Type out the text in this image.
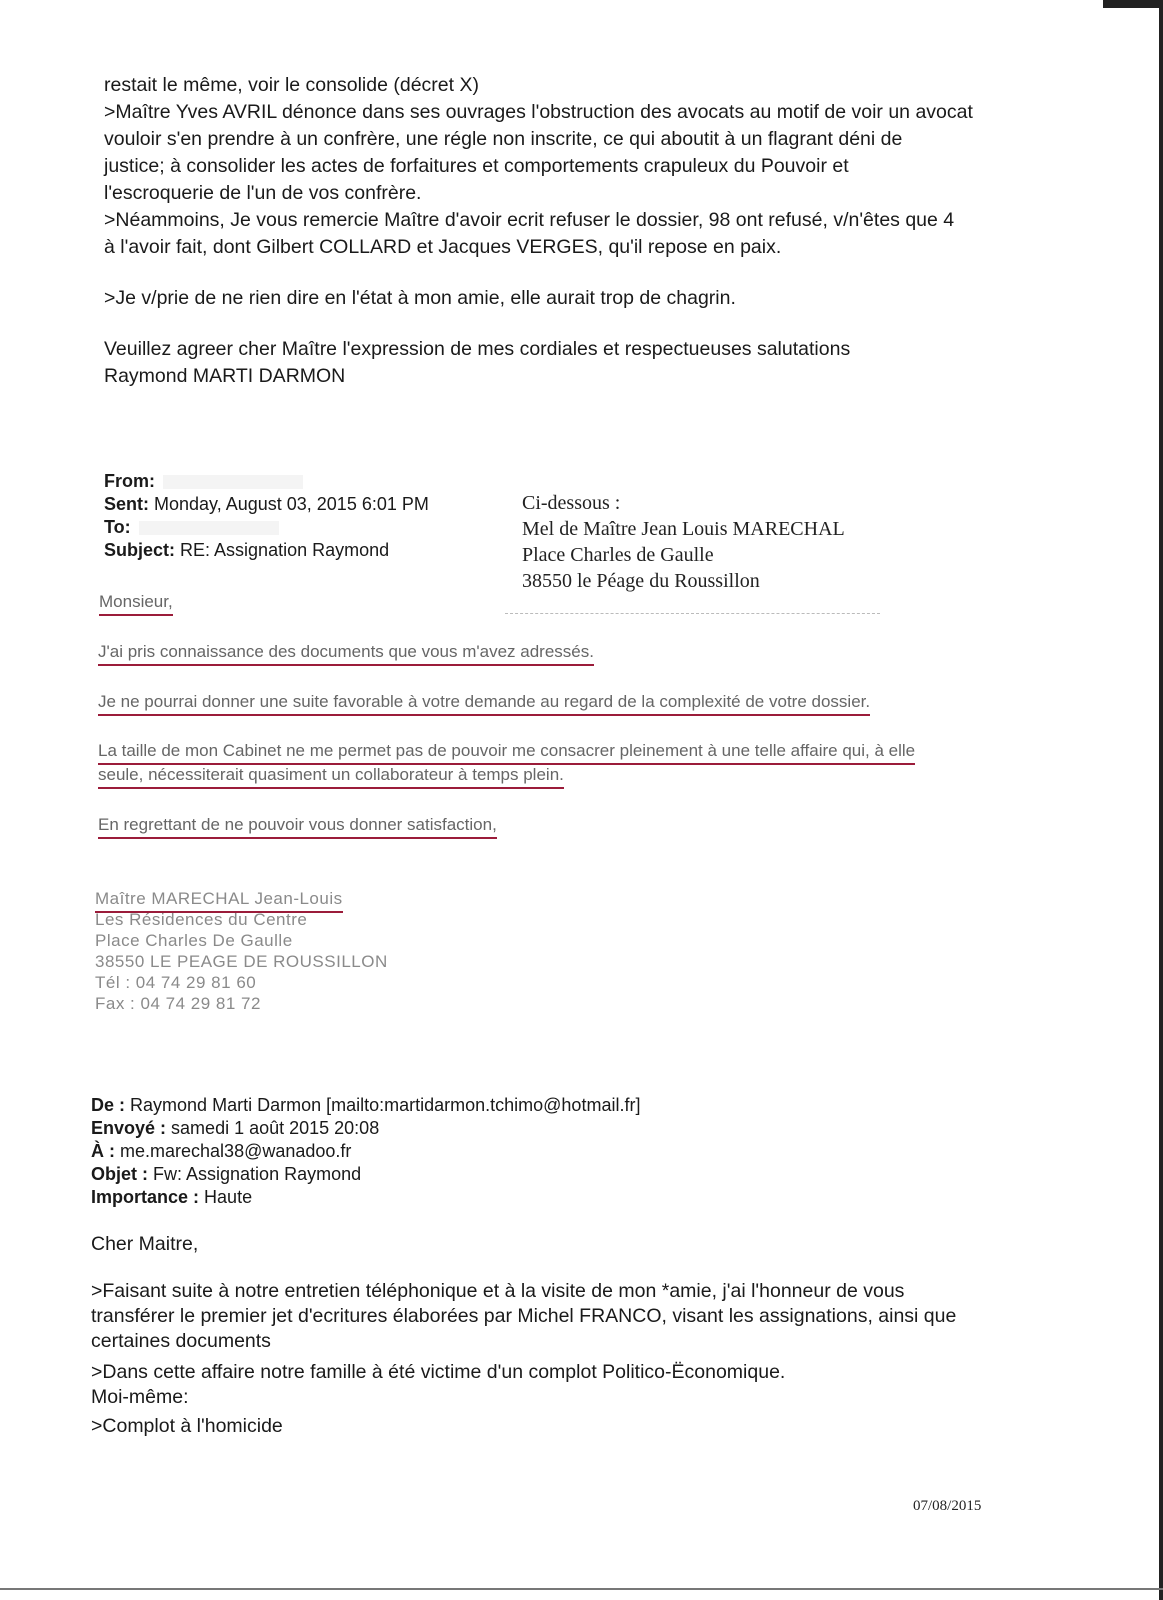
restait le même, voir le consolide (décret X)

>Maître Yves AVRIL dénonce dans ses ouvrages l'obstruction des avocats au motif de voir un avocat

vouloir s'en prendre à un confrère, une régle non inscrite, ce qui aboutit à un flagrant déni de

justice; à consolider les actes de forfaitures et comportements crapuleux du Pouvoir et

l'escroquerie de l'un de vos confrère.

>Néammoins, Je vous remercie Maître d'avoir ecrit refuser le dossier, 98 ont refusé, v/n'êtes que 4

à l'avoir fait, dont Gilbert COLLARD et Jacques VERGES, qu'il repose en paix.

>Je v/prie de ne rien dire en l'état à mon amie, elle aurait trop de chagrin.

Veuillez agreer cher Maître l'expression de mes cordiales et respectueuses salutations

Raymond MARTI DARMON

From:
Sent: Monday, August 03, 2015 6:01 PM
To:
Subject: RE: Assignation Raymond
Ci-dessous :
Mel de Maître Jean Louis MARECHAL
Place Charles de Gaulle
38550 le Péage du Roussillon

Monsieur,

J'ai pris connaissance des documents que vous m'avez adressés.

Je ne pourrai donner une suite favorable à votre demande au regard de la complexité de votre dossier.

La taille de mon Cabinet ne me permet pas de pouvoir me consacrer pleinement à une telle affaire qui, à elle

seule, nécessiterait quasiment un collaborateur à temps plein.

En regrettant de ne pouvoir vous donner satisfaction,

Maître MARECHAL Jean-Louis

Les Résidences du Centre

Place Charles De Gaulle

38550 LE PEAGE DE ROUSSILLON

Tél : 04 74 29 81 60

Fax : 04 74 29 81 72

De : Raymond Marti Darmon [mailto:martidarmon.tchimo@hotmail.fr]
Envoyé : samedi 1 août 2015 20:08
À : me.marechal38@wanadoo.fr
Objet : Fw: Assignation Raymond
Importance : Haute

Cher Maitre,

>Faisant suite à notre entretien téléphonique et à la visite de mon *amie, j'ai l'honneur de vous

transférer le premier jet d'ecritures élaborées par Michel FRANCO, visant les assignations, ainsi que

certaines documents

>Dans cette affaire notre famille à été victime d'un complot Politico-Ëconomique.

Moi-même:

>Complot à l'homicide

07/08/2015
